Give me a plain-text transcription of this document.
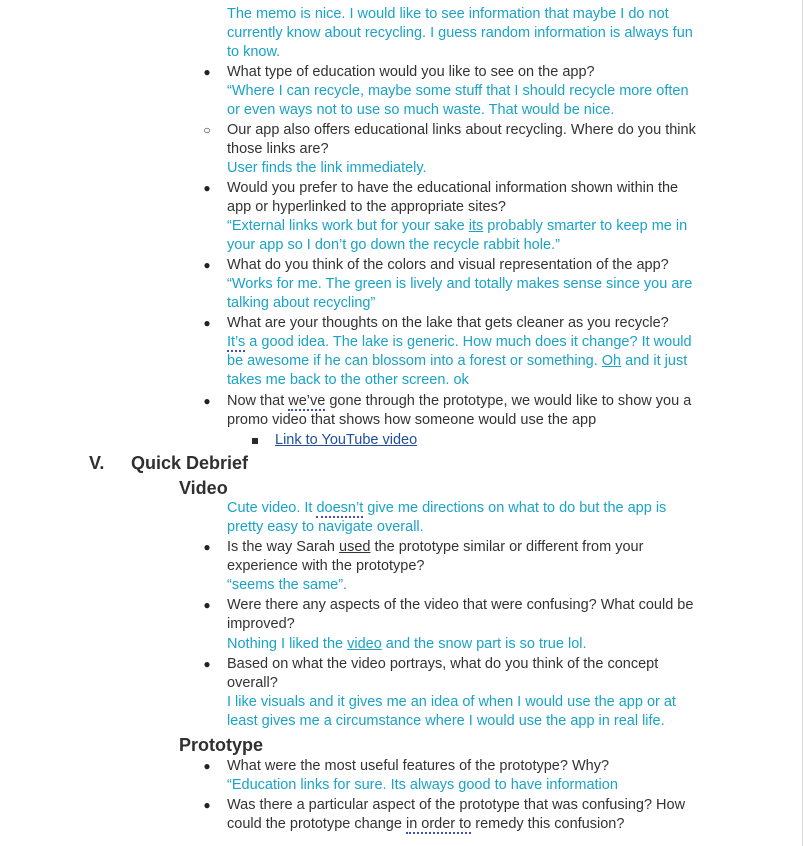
The memo is nice. I would like to see information that maybe I do not
currently know about recycling. I guess random information is always fun
to know.
● What type of education would you like to see on the app?
“Where I can recycle, maybe some stuff that I should recycle more often
or even ways not to use so much waste. That would be nice.
○ Our app also offers educational links about recycling. Where do you think
those links are?
User finds the link immediately.
● Would you prefer to have the educational information shown within the
app or hyperlinked to the appropriate sites?
“External links work but for your sake its probably smarter to keep me in
your app so I don’t go down the recycle rabbit hole.”
● What do you think of the colors and visual representation of the app?
“Works for me. The green is lively and totally makes sense since you are
talking about recycling”
● What are your thoughts on the lake that gets cleaner as you recycle?
It’s a good idea. The lake is generic. How much does it change? It would
be awesome if he can blossom into a forest or something. Oh and it just
takes me back to the other screen. ok
● Now that we’ve gone through the prototype, we would like to show you a
promo video that shows how someone would use the app
Link to YouTube video
V. Quick Debrief
Video
Cute video. It doesn’t give me directions on what to do but the app is
pretty easy to navigate overall.
● Is the way Sarah used the prototype similar or different from your
experience with the prototype?
“seems the same”.
● Were there any aspects of the video that were confusing? What could be
improved?
Nothing I liked the video and the snow part is so true lol.
● Based on what the video portrays, what do you think of the concept
overall?
I like visuals and it gives me an idea of when I would use the app or at
least gives me a circumstance where I would use the app in real life.
Prototype
● What were the most useful features of the prototype? Why?
“Education links for sure. Its always good to have information
● Was there a particular aspect of the prototype that was confusing? How
could the prototype change in order to remedy this confusion?
